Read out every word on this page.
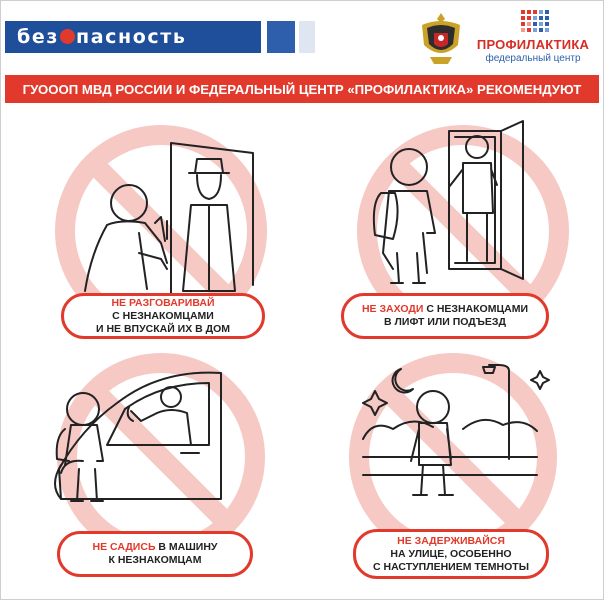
без пасность	ПРОФИЛАКТИКА
федеральный центр
ГУОООП МВД РОССИИ И ФЕДЕРАЛЬНЫЙ ЦЕНТР «ПРОФИЛАКТИКА» РЕКОМЕНДУЮТ
НЕ РАЗГОВАРИВАЙ
С НЕЗНАКОМЦАМИ
И НЕ ВПУСКАЙ ИХ В ДОМ
НЕ ЗАХОДИ С НЕЗНАКОМЦАМИ
В ЛИФТ ИЛИ ПОДЪЕЗД
НЕ САДИСЬ В МАШИНУ
К НЕЗНАКОМЦАМ
НЕ ЗАДЕРЖИВАЙСЯ
НА УЛИЦЕ, ОСОБЕННО
С НАСТУПЛЕНИЕМ ТЕМНОТЫ
